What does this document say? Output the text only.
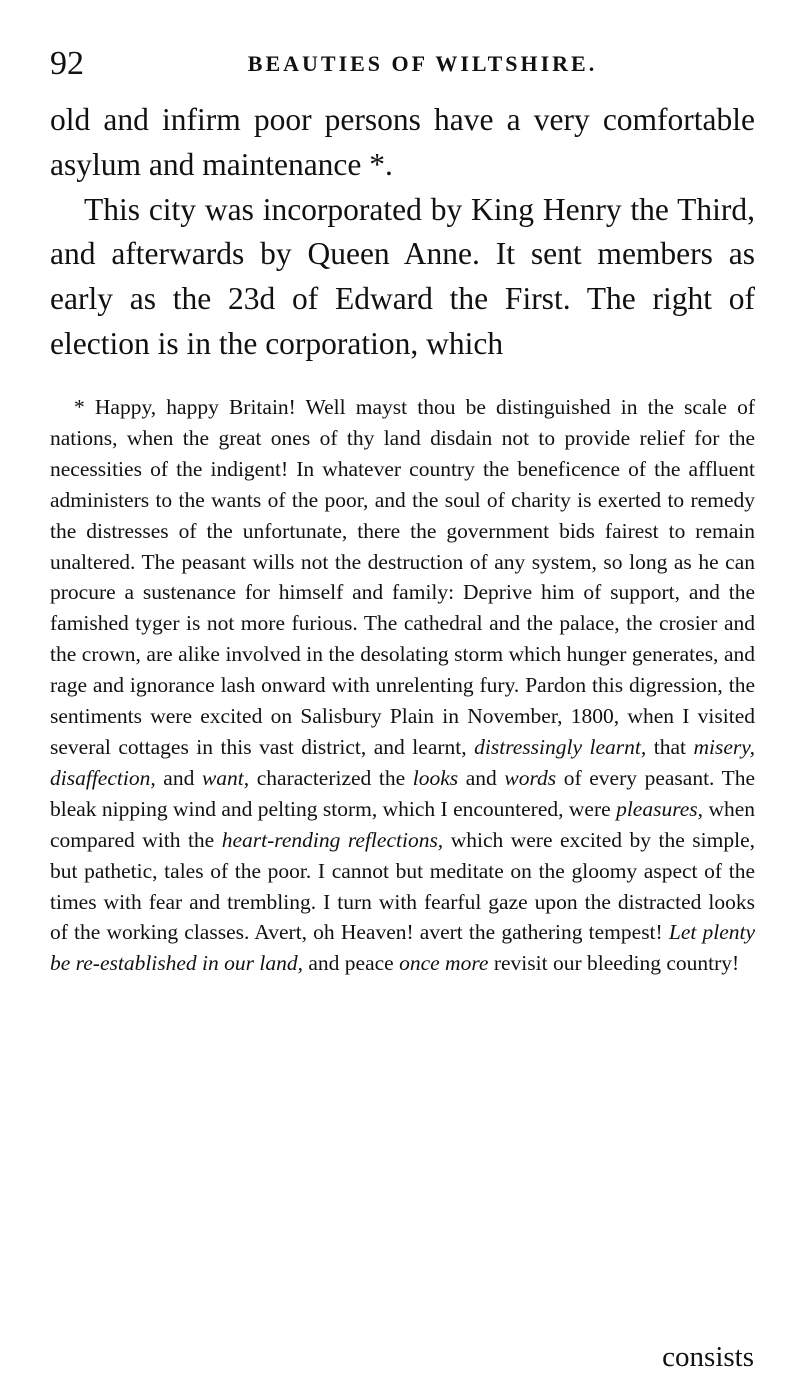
92	BEAUTIES OF WILTSHIRE.

old and infirm poor persons have a very comfortable asylum and maintenance *.

This city was incorporated by King Henry the Third, and afterwards by Queen Anne. It sent members as early as the 23d of Edward the First. The right of election is in the corporation, which

* Happy, happy Britain! Well mayst thou be distinguished in the scale of nations, when the great ones of thy land disdain not to provide relief for the necessities of the indigent! In whatever country the beneficence of the affluent administers to the wants of the poor, and the soul of charity is exerted to remedy the distresses of the unfortunate, there the government bids fairest to remain unaltered. The peasant wills not the destruction of any system, so long as he can procure a sustenance for himself and family: Deprive him of support, and the famished tyger is not more furious. The cathedral and the palace, the crosier and the crown, are alike involved in the desolating storm which hunger generates, and rage and ignorance lash onward with unrelenting fury. Pardon this digression, the sentiments were excited on Salisbury Plain in November, 1800, when I visited several cottages in this vast district, and learnt, distressingly learnt, that misery, disaffection, and want, characterized the looks and words of every peasant. The bleak nipping wind and pelting storm, which I encountered, were pleasures, when compared with the heart-rending reflections, which were excited by the simple, but pathetic, tales of the poor. I cannot but meditate on the gloomy aspect of the times with fear and trembling. I turn with fearful gaze upon the distracted looks of the working classes. Avert, oh Heaven! avert the gathering tempest! Let plenty be re-established in our land, and peace once more revisit our bleeding country!

consists
